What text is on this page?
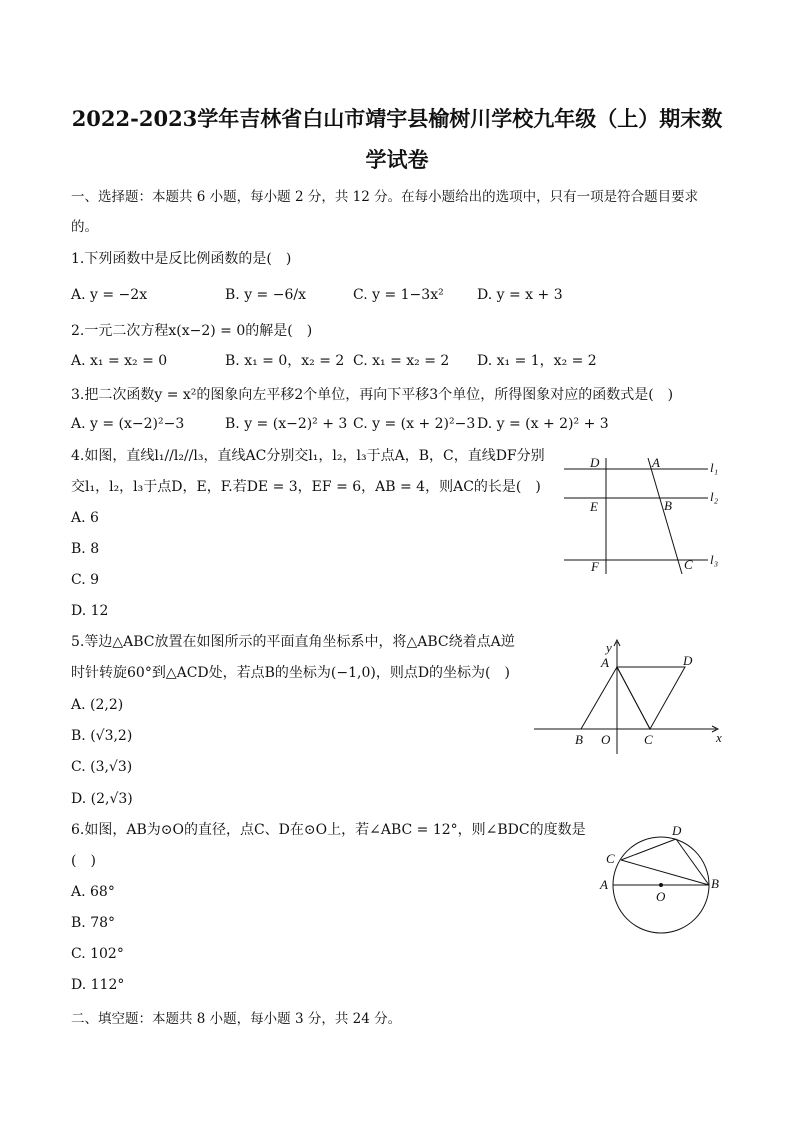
2022-2023学年吉林省白山市靖宇县榆树川学校九年级（上）期末数
学试卷
一、选择题：本题共 6 小题，每小题 2 分，共 12 分。在每小题给出的选项中，只有一项是符合题目要求
的。
1.下列函数中是反比例函数的是(　)
A. y = −2x	B. y = −6/x	C. y = 1−3x² D. y = x + 3
2.一元二次方程x(x−2) = 0的解是(　)
A. x₁ = x₂ = 0	B. x₁ = 0，x₂ = 2 C. x₁ = x₂ = 2 D. x₁ = 1，x₂ = 2
3.把二次函数y = x²的图象向左平移2个单位，再向下平移3个单位，所得图象对应的函数式是(　)
A. y = (x−2)²−3	B. y = (x−2)² + 3 C. y = (x + 2)²−3 D. y = (x + 2)² + 3
4.如图，直线l₁//l₂//l₃，直线AC分别交l₁，l₂，l₃于点A，B，C，直线DF分别
交l₁，l₂，l₃于点D，E，F.若DE = 3，EF = 6，AB = 4，则AC的长是(　)
A. 6
B. 8
C. 9
D. 12
D	A
E	B
F	C
l₁
l₂
l₃
5.等边△ABC放置在如图所示的平面直角坐标系中，将△ABC绕着点A逆
时针转旋60°到△ACD处，若点B的坐标为(−1,0)，则点D的坐标为(　)
A. (2,2)
B. (√3,2)
C. (3,√3)
D. (2,√3)
y
x
A	D
B O	C
6.如图，AB为⊙O的直径，点C、D在⊙O上，若∠ABC = 12°，则∠BDC的度数是
(　)
A. 68°
B. 78°
C. 102°
D. 112°
D
C
A	B
O
二、填空题：本题共 8 小题，每小题 3 分，共 24 分。
